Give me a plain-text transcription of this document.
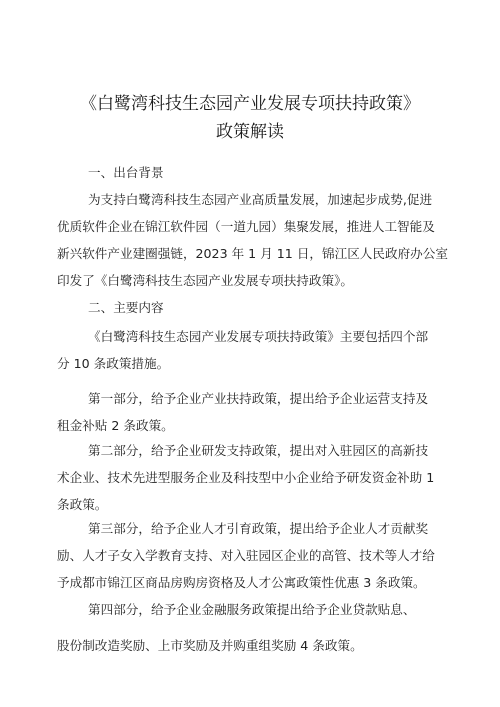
《白鹭湾科技生态园产业发展专项扶持政策》
政策解读
一、出台背景
为支持白鹭湾科技生态园产业高质量发展，加速起步成势,促进
优质软件企业在锦江软件园（一道九园）集聚发展，推进人工智能及
新兴软件产业建圈强链，2023 年 1 月 11 日，锦江区人民政府办公室
印发了《白鹭湾科技生态园产业发展专项扶持政策》。
二、主要内容
《白鹭湾科技生态园产业发展专项扶持政策》主要包括四个部
分 10 条政策措施。
第一部分，给予企业产业扶持政策，提出给予企业运营支持及
租金补贴 2 条政策。
第二部分，给予企业研发支持政策，提出对入驻园区的高新技
术企业、技术先进型服务企业及科技型中小企业给予研发资金补助 1
条政策。
第三部分，给予企业人才引育政策，提出给予企业人才贡献奖
励、人才子女入学教育支持、对入驻园区企业的高管、技术等人才给
予成都市锦江区商品房购房资格及人才公寓政策性优惠 3 条政策。
第四部分，给予企业金融服务政策提出给予企业贷款贴息、
股份制改造奖励、上市奖励及并购重组奖励 4 条政策。
